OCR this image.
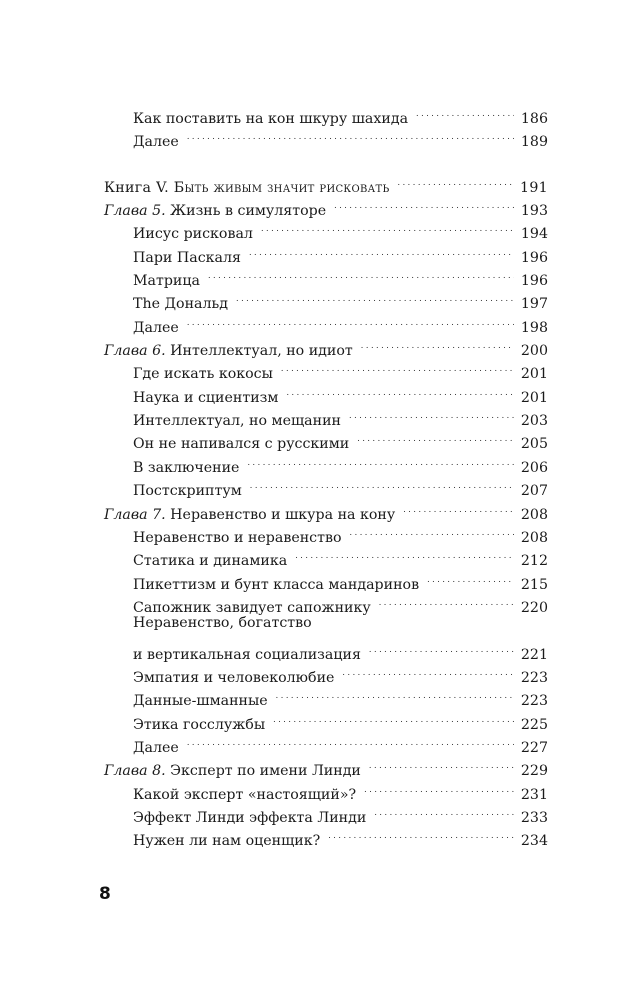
Как поставить на кон шкуру шахида . . .	186
Далее . . .	189
Книга V. Быть живым значит рисковать . . .	191
Глава 5. Жизнь в симуляторе . . .	193
Иисус рисковал . . .	194
Пари Паскаля . . .	196
Матрица . . .	196
The Дональд . . .	197
Далее . . .	198
Глава 6. Интеллектуал, но идиот . . .	200
Где искать кокосы . . .	201
Наука и сциентизм . . .	201
Интеллектуал, но мещанин . . .	203
Он не напивался с русскими . . .	205
В заключение . . .	206
Постскриптум . . .	207
Глава 7. Неравенство и шкура на кону . . .	208
Неравенство и неравенство . . .	208
Статика и динамика . . .	212
Пикеттизм и бунт класса мандаринов . . .	215
Сапожник завидует сапожнику . . .	220
Неравенство, богатство
и вертикальная социализация . . .	221
Эмпатия и человеколюбие . . .	223
Данные-шманные . . .	223
Этика госслужбы . . .	225
Далее . . .	227
Глава 8. Эксперт по имени Линди . . .	229
Какой эксперт «настоящий»? . . .	231
Эффект Линди эффекта Линди . . .	233
Нужен ли нам оценщик? . . .	234
8
